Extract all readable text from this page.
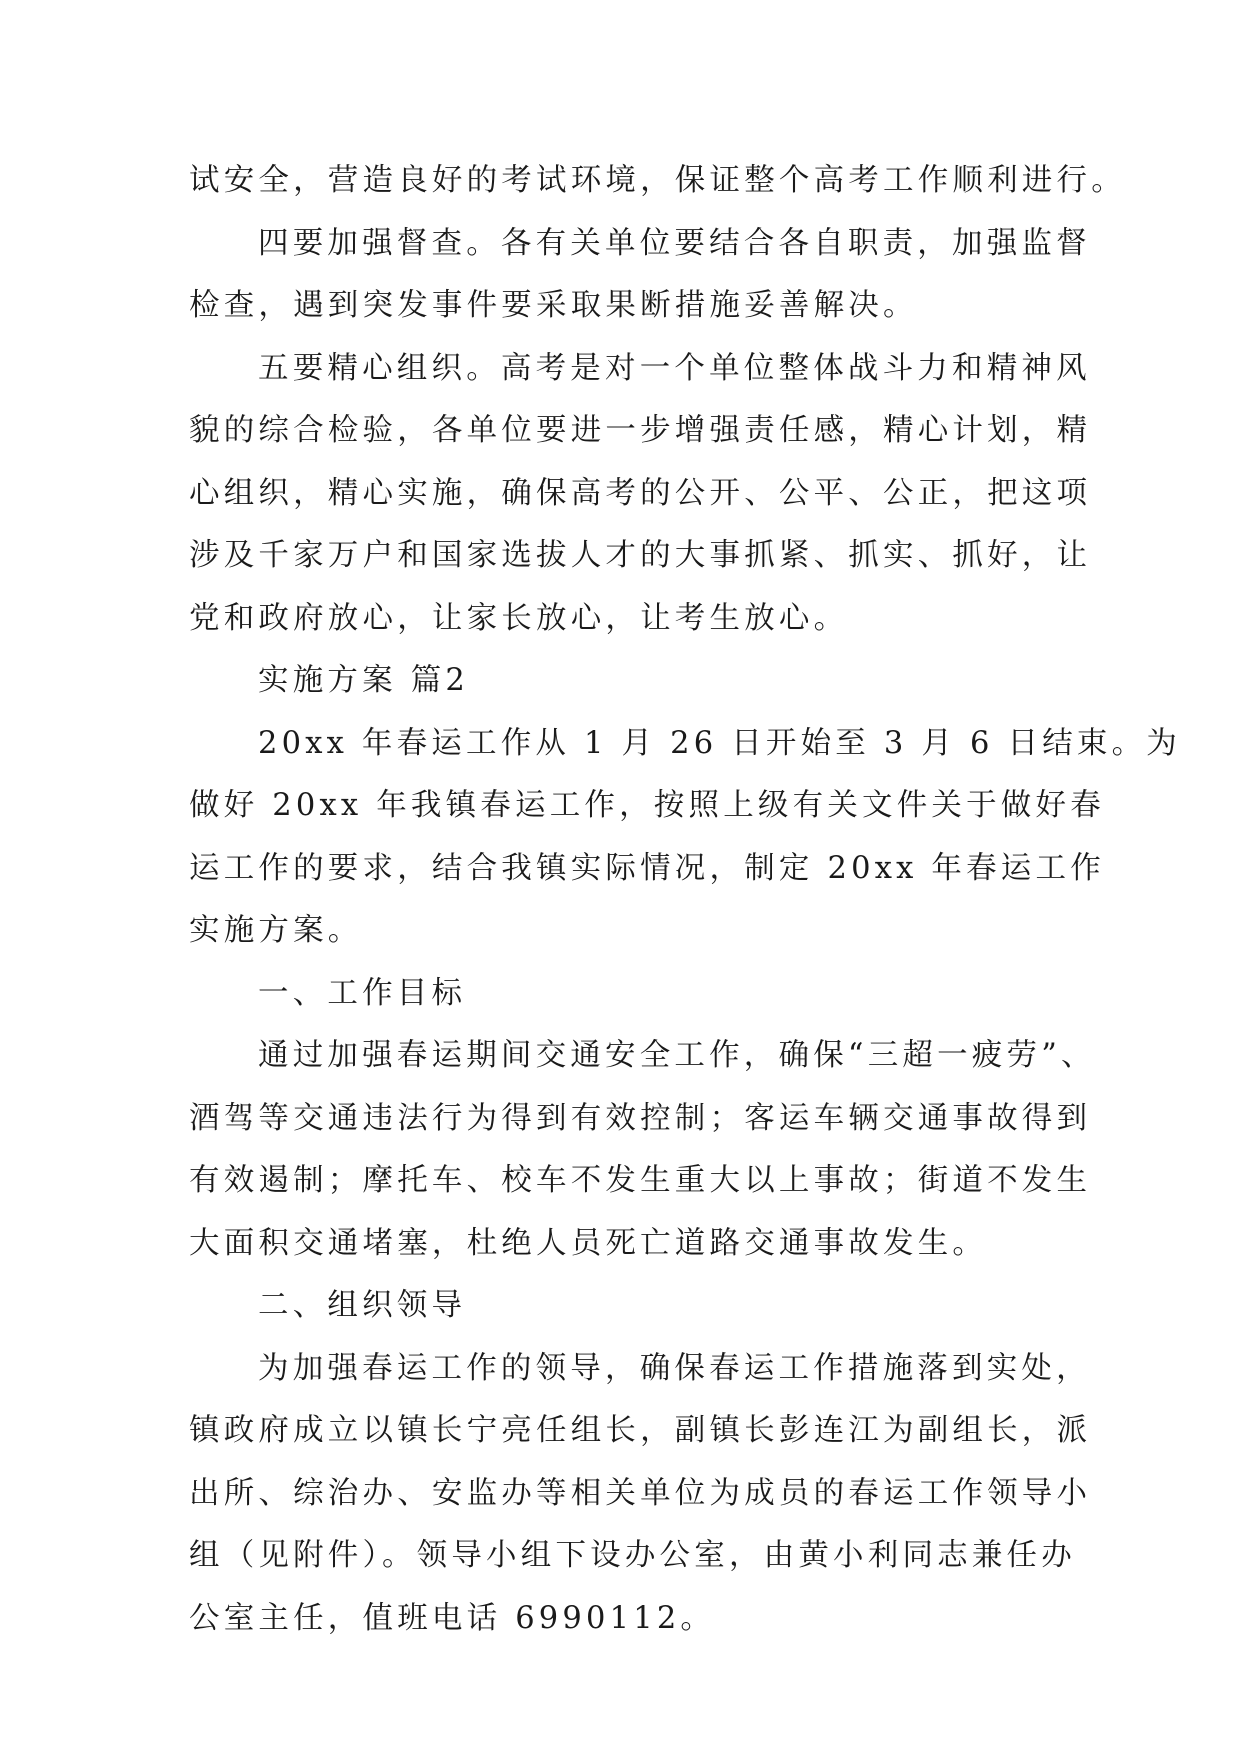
试安全，营造良好的考试环境，保证整个高考工作顺利进行。
四要加强督查。各有关单位要结合各自职责，加强监督
检查，遇到突发事件要采取果断措施妥善解决。
五要精心组织。高考是对一个单位整体战斗力和精神风
貌的综合检验，各单位要进一步增强责任感，精心计划，精
心组织，精心实施，确保高考的公开、公平、公正，把这项
涉及千家万户和国家选拔人才的大事抓紧、抓实、抓好，让
党和政府放心，让家长放心，让考生放心。
实施方案 篇2
20xx 年春运工作从 1 月 26 日开始至 3 月 6 日结束。为
做好 20xx 年我镇春运工作，按照上级有关文件关于做好春
运工作的要求，结合我镇实际情况，制定 20xx 年春运工作
实施方案。
一、工作目标
通过加强春运期间交通安全工作，确保“三超一疲劳”、
酒驾等交通违法行为得到有效控制；客运车辆交通事故得到
有效遏制；摩托车、校车不发生重大以上事故；街道不发生
大面积交通堵塞，杜绝人员死亡道路交通事故发生。
二、组织领导
为加强春运工作的领导，确保春运工作措施落到实处，
镇政府成立以镇长宁亮任组长，副镇长彭连江为副组长，派
出所、综治办、安监办等相关单位为成员的春运工作领导小
组（见附件）。领导小组下设办公室，由黄小利同志兼任办
公室主任，值班电话 6990112。
